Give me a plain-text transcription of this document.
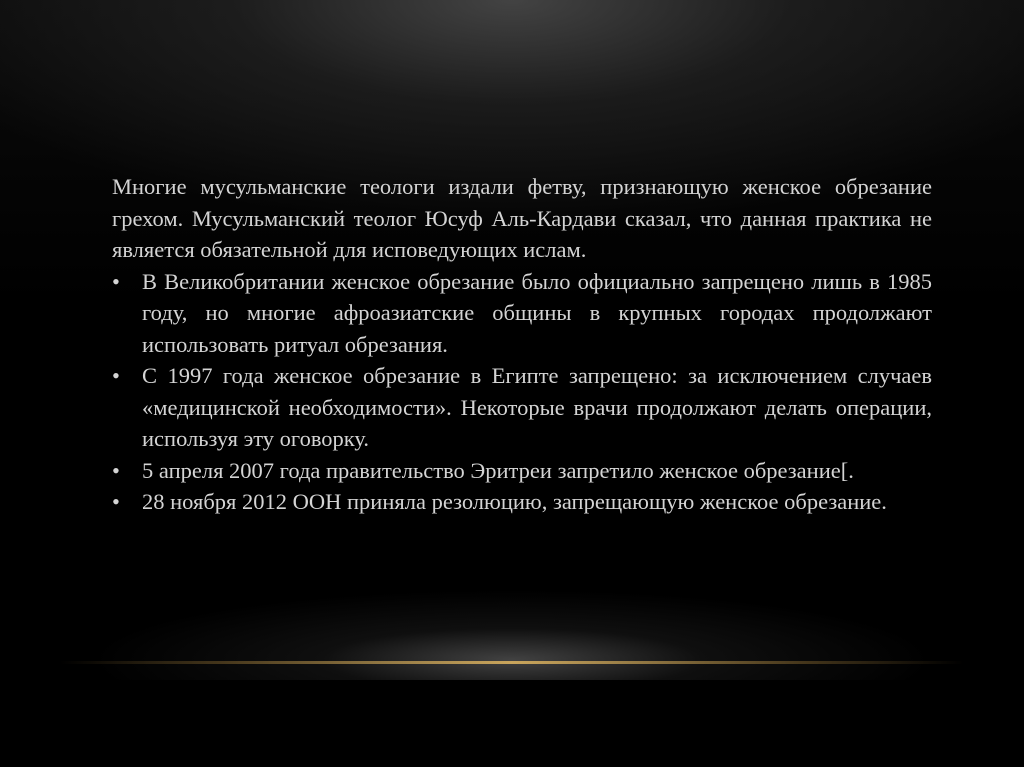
Многие мусульманские теологи издали фетву, признающую женское обрезание грехом. Мусульманский теолог Юсуф Аль-Кардави сказал, что данная практика не является обязательной для исповедующих ислам.

• В Великобритании женское обрезание было официально запрещено лишь в 1985 году, но многие афроазиатские общины в крупных городах продолжают использовать ритуал обрезания.
• С 1997 года женское обрезание в Египте запрещено: за исключением случаев «медицинской необходимости». Некоторые врачи продолжают делать операции, используя эту оговорку.
• 5 апреля 2007 года правительство Эритреи запретило женское обрезание[.
• 28 ноября 2012 ООН приняла резолюцию, запрещающую женское обрезание.
